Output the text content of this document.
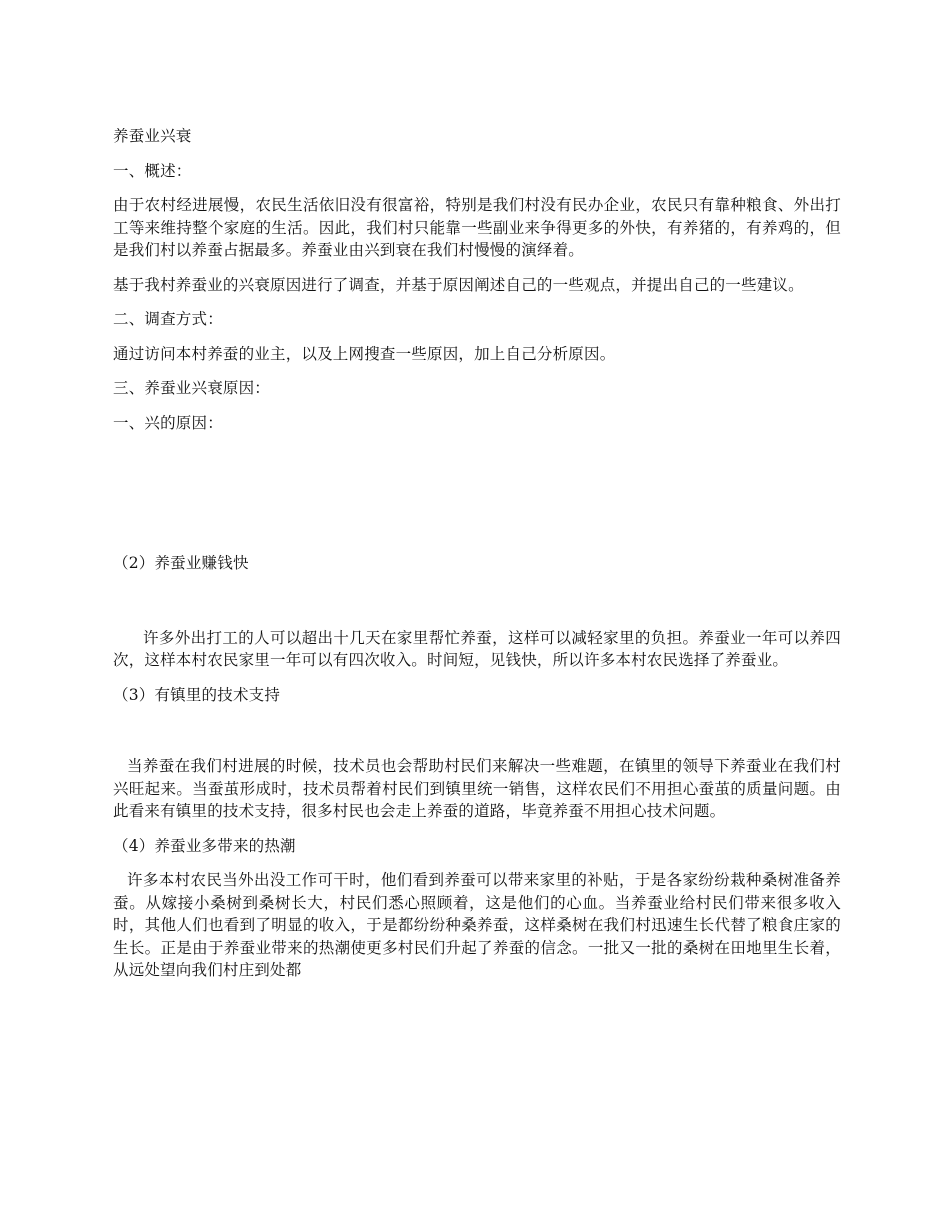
养蚕业兴衰

一、概述：

由于农村经进展慢，农民生活依旧没有很富裕，特别是我们村没有民办企业，农民只有靠种粮食、外出打工等来维持整个家庭的生活。因此，我们村只能靠一些副业来争得更多的外快，有养猪的，有养鸡的，但是我们村以养蚕占据最多。养蚕业由兴到衰在我们村慢慢的演绎着。

基于我村养蚕业的兴衰原因进行了调查，并基于原因阐述自己的一些观点，并提出自己的一些建议。

二、调查方式：

通过访问本村养蚕的业主，以及上网搜查一些原因，加上自己分析原因。

三、养蚕业兴衰原因：

一、兴的原因：

（2）养蚕业赚钱快

许多外出打工的人可以超出十几天在家里帮忙养蚕，这样可以减轻家里的负担。养蚕业一年可以养四次，这样本村农民家里一年可以有四次收入。时间短，见钱快，所以许多本村农民选择了养蚕业。

（3）有镇里的技术支持

当养蚕在我们村进展的时候，技术员也会帮助村民们来解决一些难题，在镇里的领导下养蚕业在我们村兴旺起来。当蚕茧形成时，技术员帮着村民们到镇里统一销售，这样农民们不用担心蚕茧的质量问题。由此看来有镇里的技术支持，很多村民也会走上养蚕的道路，毕竟养蚕不用担心技术问题。

（4）养蚕业多带来的热潮

许多本村农民当外出没工作可干时，他们看到养蚕可以带来家里的补贴，于是各家纷纷栽种桑树准备养蚕。从嫁接小桑树到桑树长大，村民们悉心照顾着，这是他们的心血。当养蚕业给村民们带来很多收入时，其他人们也看到了明显的收入，于是都纷纷种桑养蚕，这样桑树在我们村迅速生长代替了粮食庄家的生长。正是由于养蚕业带来的热潮使更多村民们升起了养蚕的信念。一批又一批的桑树在田地里生长着，从远处望向我们村庄到处都
